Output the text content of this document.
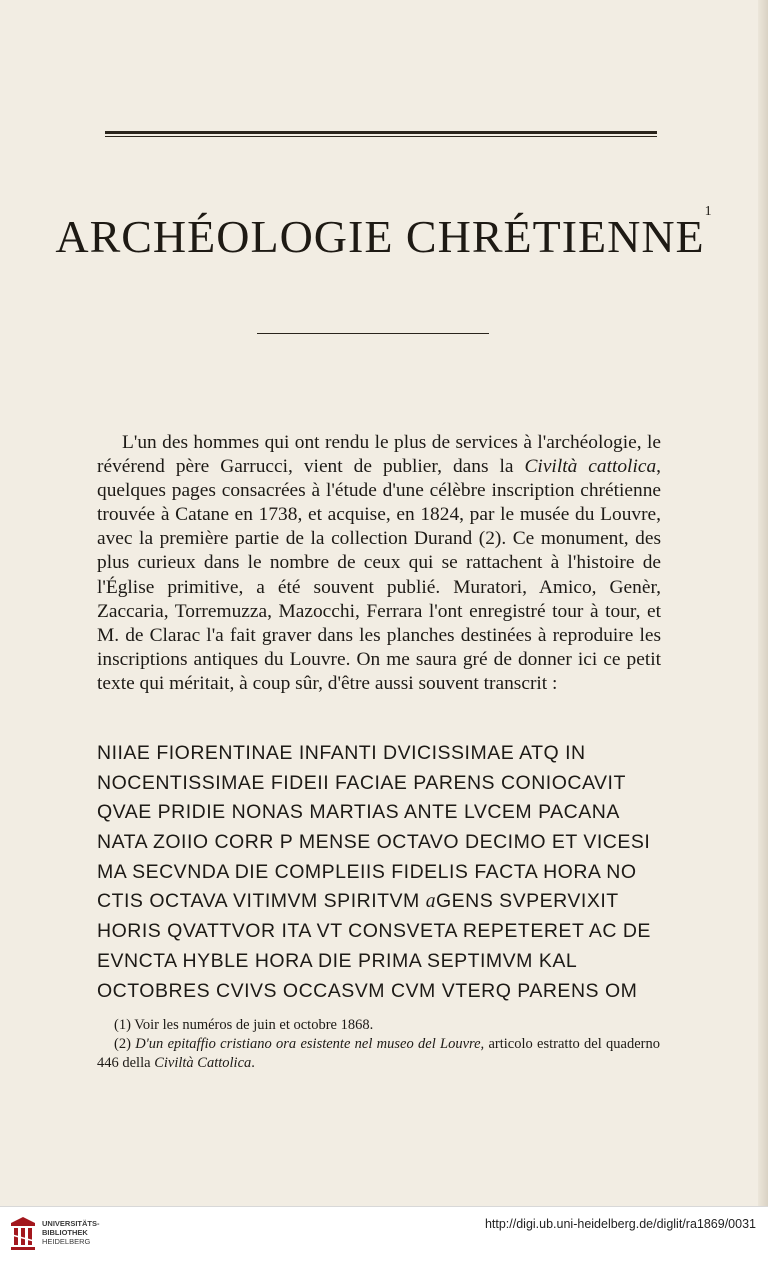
ARCHÉOLOGIE CHRÉTIENNE$^1$

L'un des hommes qui ont rendu le plus de services à l'archéologie, le révérend père Garrucci, vient de publier, dans la Civiltà cattolica, quelques pages consacrées à l'étude d'une célèbre inscription chrétienne trouvée à Catane en 1738, et acquise, en 1824, par le musée du Louvre, avec la première partie de la collection Durand (2). Ce monument, des plus curieux dans le nombre de ceux qui se rattachent à l'histoire de l'Église primitive, a été souvent publié. Muratori, Amico, Genèr, Zaccaria, Torremuzza, Mazocchi, Ferrara l'ont enregistré tour à tour, et M. de Clarac l'a fait graver dans les planches destinées à reproduire les inscriptions antiques du Louvre. On me saura gré de donner ici ce petit texte qui méritait, à coup sûr, d'être aussi souvent transcrit :

NIIAE FIORENTINAE INFANTI DVICISSIMAE ATQ IN
NOCENTISSIMAE FIDEII FACIAE PARENS CONIOCAVIT
QVAE PRIDIE NONAS MARTIAS ANTE LVCEM PACANA
NATA ZOIIO CORR P MENSE OCTAVO DECIMO ET VICESI
MA SECVNDA DIE COMPLEIIS FIDELIS FACTA HORA NO
CTIS OCTAVA VITIMVM SPIRITVM aGENS SVPERVIXIT
HORIS QVATTVOR ITA VT CONSVETA REPETERET AC DE
EVNCTA HYBLE HORA DIE PRIMA SEPTIMVM KAL
OCTOBRES CVIVS OCCASVM CVM VTERQ PARENS OM

(1) Voir les numéros de juin et octobre 1868.

(2) D'un epitaffio cristiano ora esistente nel museo del Louvre, articolo estratto del quaderno 446 della Civiltà Cattolica.

UNIVERSITÄTS-
BIBLIOTHEK
HEIDELBERG
http://digi.ub.uni-heidelberg.de/diglit/ra1869/0031
